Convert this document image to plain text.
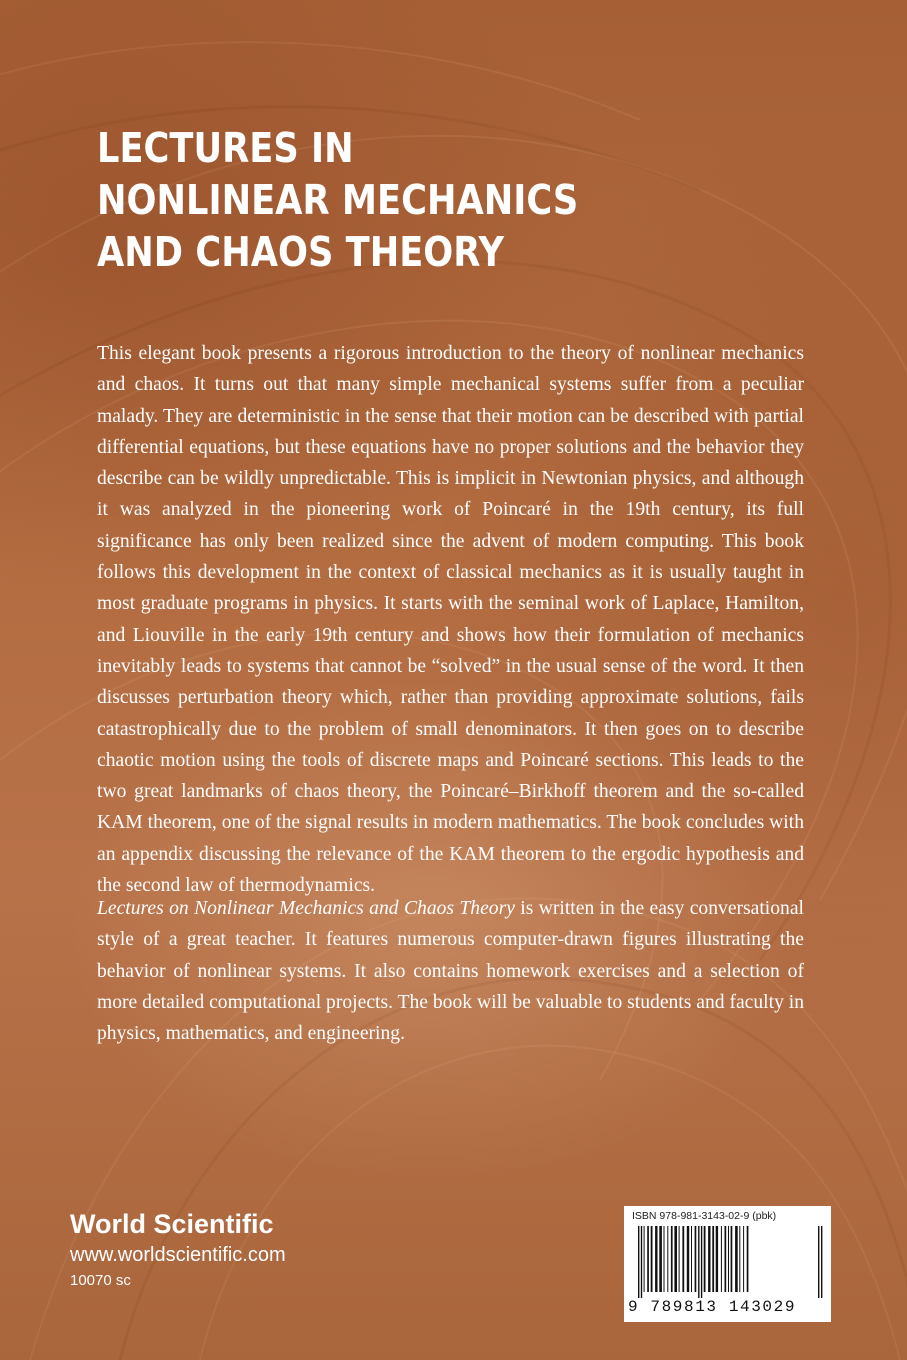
LECTURES IN
NONLINEAR MECHANICS
AND CHAOS THEORY

This elegant book presents a rigorous introduction to the theory of nonlinear mechanics and chaos. It turns out that many simple mechanical systems suffer from a peculiar malady. They are deterministic in the sense that their motion can be described with partial differential equations, but these equations have no proper solutions and the behavior they describe can be wildly unpredictable. This is implicit in Newtonian physics, and although it was analyzed in the pioneering work of Poincaré in the 19th century, its full significance has only been realized since the advent of modern computing. This book follows this development in the context of classical mechanics as it is usually taught in most graduate programs in physics. It starts with the seminal work of Laplace, Hamilton, and Liouville in the early 19th century and shows how their formulation of mechanics inevitably leads to systems that cannot be “solved” in the usual sense of the word. It then discusses perturbation theory which, rather than providing approximate solutions, fails catastrophically due to the problem of small denominators. It then goes on to describe chaotic motion using the tools of discrete maps and Poincaré sections. This leads to the two great landmarks of chaos theory, the Poincaré–Birkhoff theorem and the so-called KAM theorem, one of the signal results in modern mathematics. The book concludes with an appendix discussing the relevance of the KAM theorem to the ergodic hypothesis and the second law of thermodynamics.

Lectures on Nonlinear Mechanics and Chaos Theory is written in the easy conversational style of a great teacher. It features numerous computer-drawn figures illustrating the behavior of nonlinear systems. It also contains homework exercises and a selection of more detailed computational projects. The book will be valuable to students and faculty in physics, mathematics, and engineering.

World Scientific
www.worldscientific.com
10070 sc
ISBN 978-981-3143-02-9 (pbk)
9 789813 143029
